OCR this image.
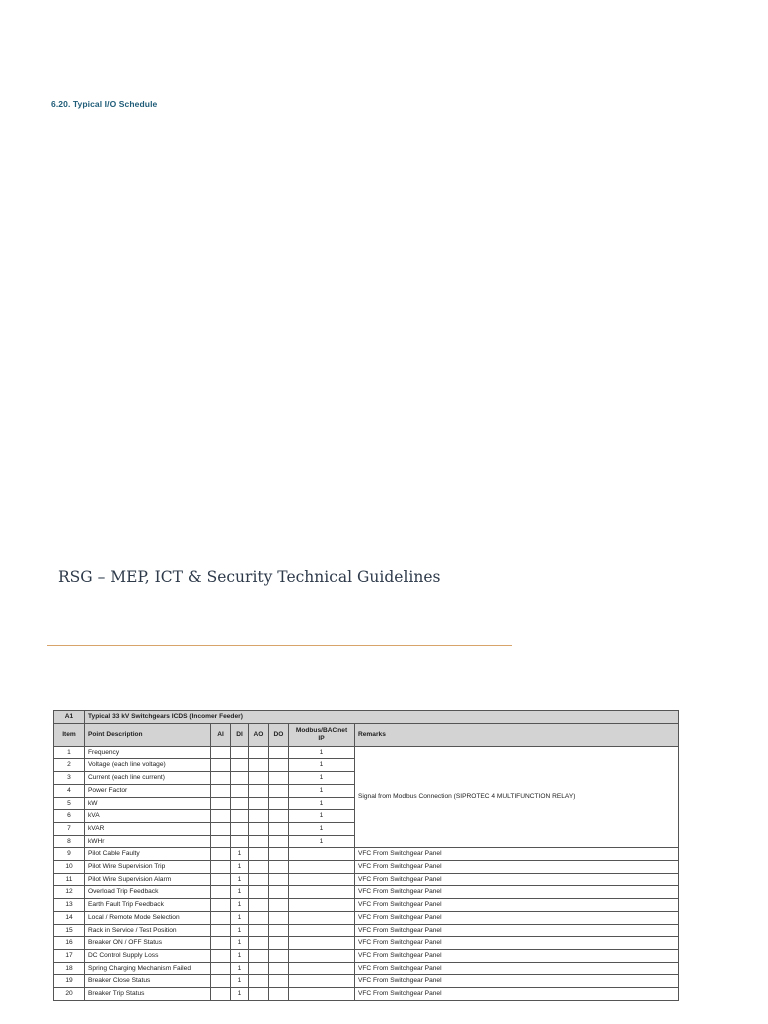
6.20. Typical I/O Schedule
RSG – MEP, ICT & Security Technical Guidelines
A1	Typical 33 kV Switchgears ICDS (Incomer Feeder)						
Item	Point Description	AI	DI	AO	DO	Modbus/BACnet IP	Remarks
1	Frequency					1	Signal from Modbus Connection (SIPROTEC 4 MULTIFUNCTION RELAY)
2	Voltage (each line voltage)					1	
3	Current (each line current)					1	
4	Power Factor					1	
5	kW					1	
6	kVA					1	
7	kVAR					1	
8	kWHr					1	
9	Pilot Cable Faulty		1				VFC From Switchgear Panel
10	Pilot Wire Supervision Trip		1				VFC From Switchgear Panel
11	Pilot Wire Supervision Alarm		1				VFC From Switchgear Panel
12	Overload Trip Feedback		1				VFC From Switchgear Panel
13	Earth Fault Trip Feedback		1				VFC From Switchgear Panel
14	Local / Remote Mode Selection		1				VFC From Switchgear Panel
15	Rack in Service / Test Position		1				VFC From Switchgear Panel
16	Breaker ON / OFF Status		1				VFC From Switchgear Panel
17	DC Control Supply Loss		1				VFC From Switchgear Panel
18	Spring Charging Mechanism Failed		1				VFC From Switchgear Panel
19	Breaker Close Status		1				VFC From Switchgear Panel
20	Breaker Trip Status		1				VFC From Switchgear Panel
